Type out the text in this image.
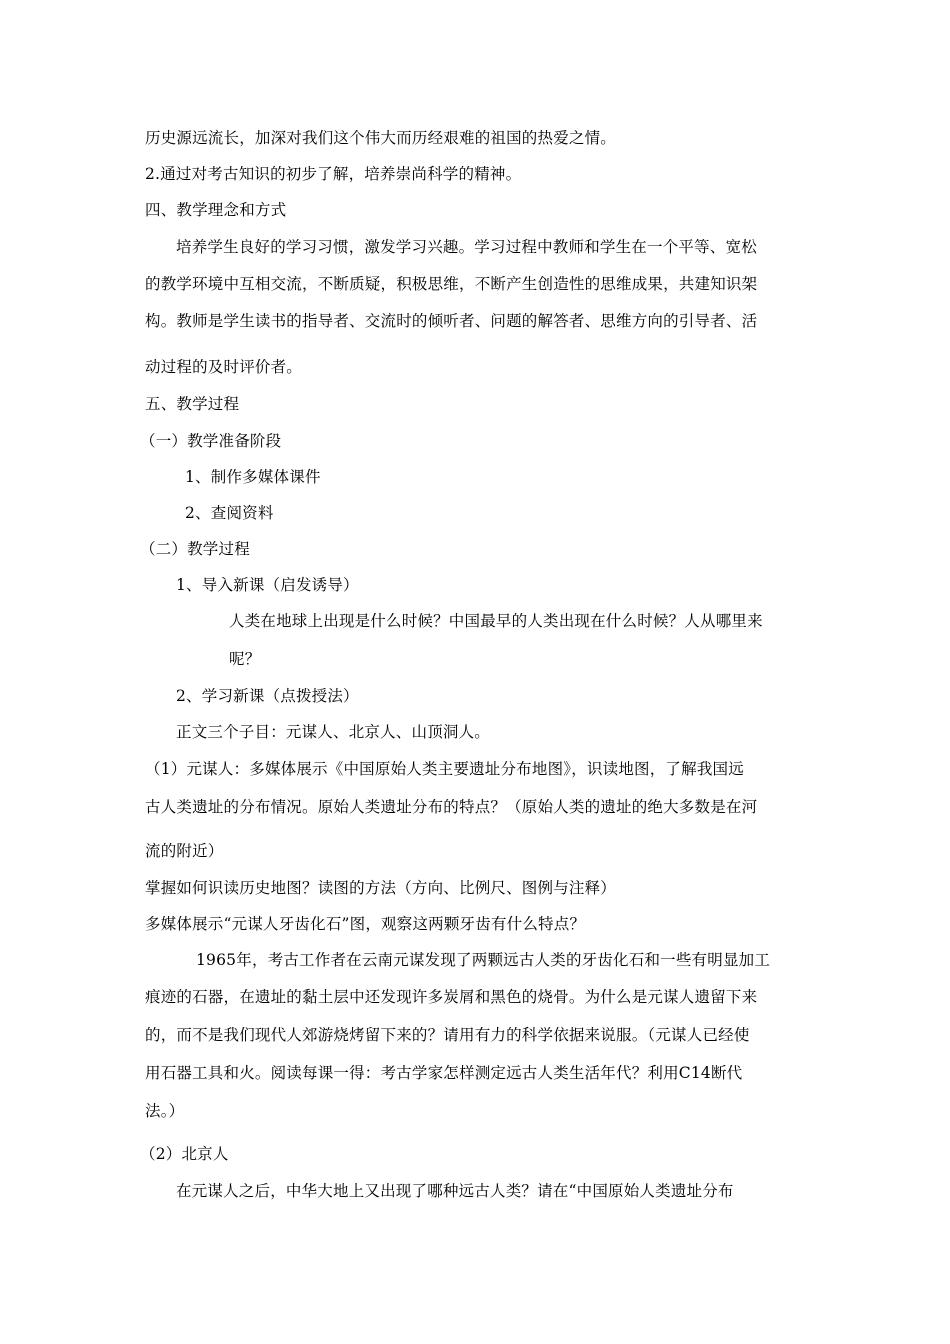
历史源远流长，加深对我们这个伟大而历经艰难的祖国的热爱之情。
2.通过对考古知识的初步了解，培养崇尚科学的精神。
四、教学理念和方式
培养学生良好的学习习惯，激发学习兴趣。学习过程中教师和学生在一个平等、宽松
的教学环境中互相交流，不断质疑，积极思维，不断产生创造性的思维成果，共建知识架
构。教师是学生读书的指导者、交流时的倾听者、问题的解答者、思维方向的引导者、活
动过程的及时评价者。
五、教学过程
（一）教学准备阶段
1、制作多媒体课件
2、查阅资料
（二）教学过程
1、导入新课（启发诱导）
人类在地球上出现是什么时候？中国最早的人类出现在什么时候？人从哪里来
呢？
2、学习新课（点拨授法）
正文三个子目：元谋人、北京人、山顶洞人。
（1）元谋人：多媒体展示《中国原始人类主要遗址分布地图》，识读地图，了解我国远
古人类遗址的分布情况。原始人类遗址分布的特点？（原始人类的遗址的绝大多数是在河
流的附近）
掌握如何识读历史地图？读图的方法（方向、比例尺、图例与注释）
多媒体展示“元谋人牙齿化石”图，观察这两颗牙齿有什么特点？
1965年，考古工作者在云南元谋发现了两颗远古人类的牙齿化石和一些有明显加工
痕迹的石器，在遗址的黏土层中还发现许多炭屑和黑色的烧骨。为什么是元谋人遗留下来
的，而不是我们现代人郊游烧烤留下来的？请用有力的科学依据来说服。（元谋人已经使
用石器工具和火。阅读每课一得：考古学家怎样测定远古人类生活年代？利用C14断代
法。）
（2）北京人
在元谋人之后，中华大地上又出现了哪种远古人类？请在“中国原始人类遗址分布
